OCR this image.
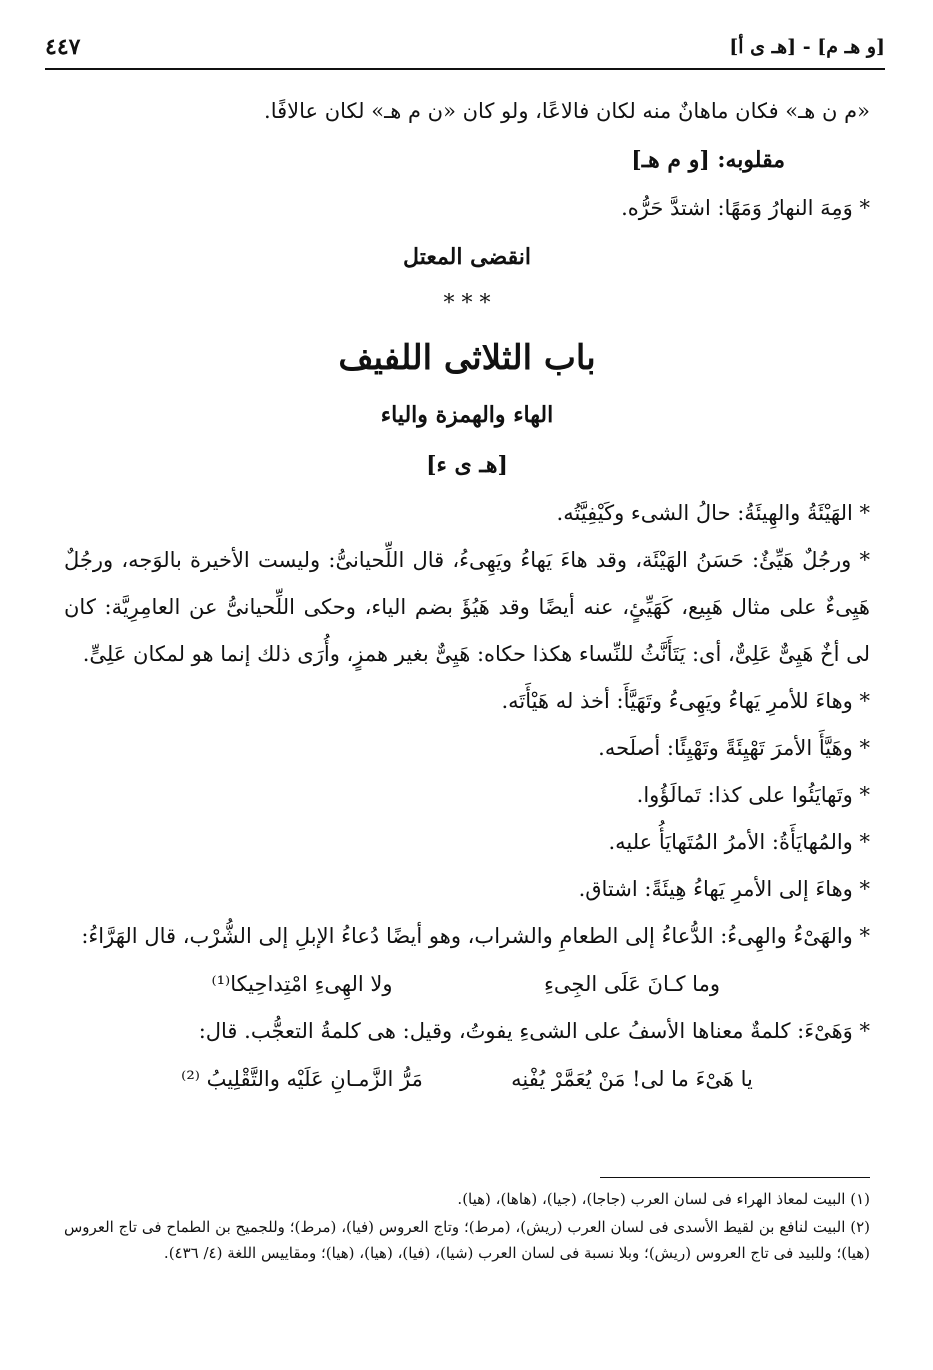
[و هـ م] - [هـ ى أ]
٤٤٧

«م ن هـ» فكان ماهانٌ منه لكان فالاعًا، ولو كان «ن م هـ» لكان عالافًا.

مقلوبه: [و م هـ]

* وَمِهَ النهارُ وَمَهًا: اشتدَّ حَرُّه.

انقضى المعتل

* * *

باب الثلاثى اللفيف

الهاء والهمزة والياء

[هـ ى ء]

* الهَيْئَةُ والهِيئَةُ: حالُ الشىء وكَيْفِيَّتُه.

* ورجُلٌ هَيِّئٌ: حَسَنُ الهَيْئَة، وقد هاءَ يَهاءُ ويَهِىءُ، قال اللِّحيانىُّ: وليست الأخيرة بالوَجه، ورجُلٌ هَيِىءٌ على مثال هَبِيع، كَهَيِّئٍ، عنه أيضًا وقد هَيُؤَ بضم الياء، وحكى اللِّحيانىُّ عن العامِرِيَّة: كان لى أخٌ هَيِىٌّ عَلِىٌّ، أى: يَتَأَنَّثُ للنِّساء هكذا حكاه: هَيِىٌّ بغير همزٍ، وأُرَى ذلك إنما هو لمكان عَلِىٍّ.

* وهاءَ للأمرِ يَهاءُ ويَهِىءُ وتَهَيَّأَ: أخذ له هَيْأَتَه.

* وهَيَّأَ الأمرَ تَهْيِئَةً وتَهْيِئًا: أصلَحه.

* وتَهايَئُوا على كذا: تَمالَؤُوا.

* والمُهايَأَةُ: الأمرُ المُتَهايَأُ عليه.

* وهاءَ إلى الأمرِ يَهاءُ هِيئَةً: اشتاق.

* والهَىْءُ والهِىءُ: الدُّعاءُ إلى الطعامِ والشراب، وهو أيضًا دُعاءُ الإبلِ إلى الشُّرْب، قال الهَرَّاءُ:

وما كـانَ عَلَى الجِىءِ
ولا الهِىءِ امْتِداحِيكا⁽¹⁾

* وَهَىْءَ: كلمةٌ معناها الأسفُ على الشىءِ يفوتُ، وقيل: هى كلمةُ التعجُّب. قال:

يا هَىْءَ ما لى! مَنْ يُعَمَّرْ يُفْنِه
مَرُّ الزَّمـانِ عَلَيْه والتَّقْلِيبُ ⁽²⁾

(١) البيت لمعاذ الهراء فى لسان العرب (جاجا)، (جيا)، (هاها)، (هيا).

(٢) البيت لنافع بن لقيط الأسدى فى لسان العرب (ريش)، (مرط)؛ وتاج العروس (فيا)، (مرط)؛ وللجميح بن الطماح فى تاج العروس (هيا)؛ وللبيد فى تاج العروس (ريش)؛ وبلا نسبة فى لسان العرب (شيا)، (فيا)، (هيا)، (هيا)؛ ومقاييس اللغة (٤/ ٤٣٦).
